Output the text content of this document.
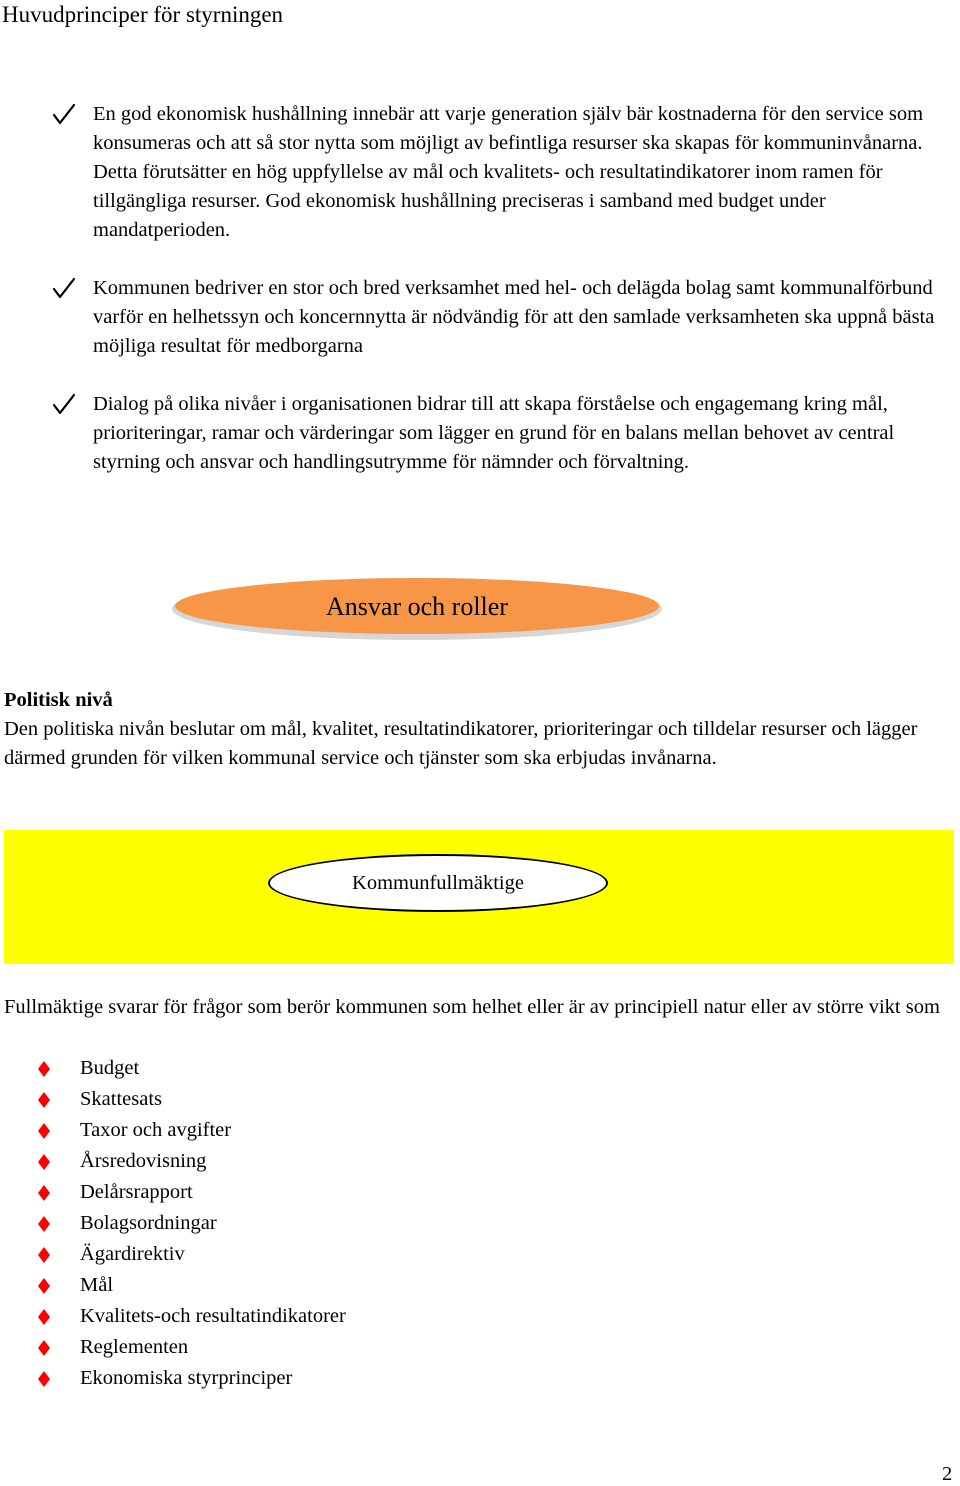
Huvudprinciper för styrningen
En god ekonomisk hushållning innebär att varje generation själv bär kostnaderna för den service som konsumeras och att så stor nytta som möjligt av befintliga resurser ska skapas för kommuninvånarna. Detta förutsätter en hög uppfyllelse av mål och kvalitets- och resultatindikatorer inom ramen för tillgängliga resurser. God ekonomisk hushållning preciseras i samband med budget under mandatperioden.
Kommunen bedriver en stor och bred verksamhet med hel- och delägda bolag samt kommunalförbund varför en helhetssyn och koncernnytta är nödvändig för att den samlade verksamheten ska uppnå bästa möjliga resultat för medborgarna
Dialog på olika nivåer i organisationen bidrar till att skapa förståelse och engagemang kring mål, prioriteringar, ramar och värderingar som lägger en grund för en balans mellan behovet av central styrning och ansvar och handlingsutrymme för nämnder och förvaltning.
Ansvar och roller
Politisk nivå
Den politiska nivån beslutar om mål, kvalitet, resultatindikatorer, prioriteringar och tilldelar resurser och lägger därmed grunden för vilken kommunal service och tjänster som ska erbjudas invånarna.
Kommunfullmäktige
Fullmäktige svarar för frågor som berör kommunen som helhet eller är av principiell natur eller av större vikt som
Budget
Skattesats
Taxor och avgifter
Årsredovisning
Delårsrapport
Bolagsordningar
Ägardirektiv
Mål
Kvalitets-och resultatindikatorer
Reglementen
Ekonomiska styrprinciper
2
